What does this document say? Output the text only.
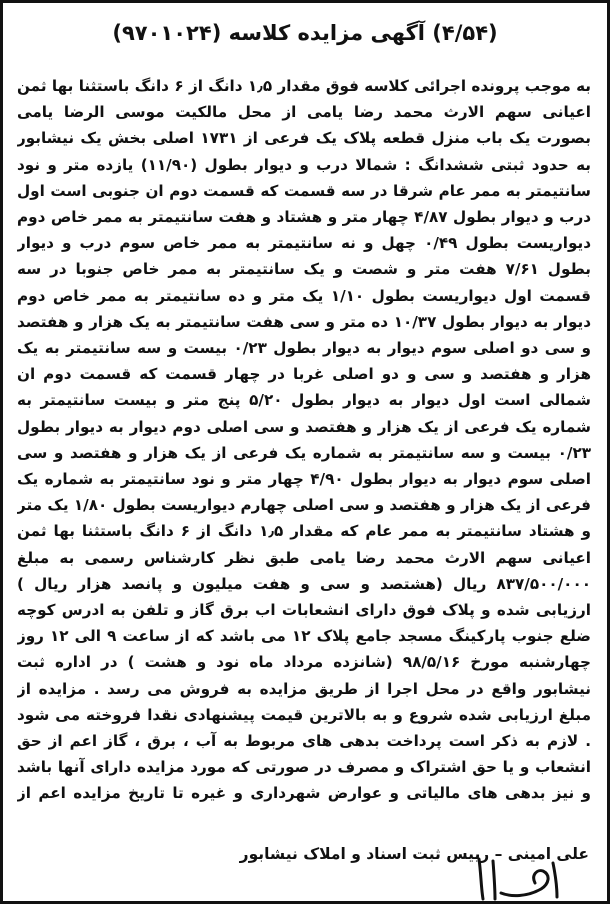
(۴/۵۴) آگهی مزایده کلاسه (۹۷۰۱۰۲۴)
به موجب پرونده اجرائی کلاسه فوق مقدار ۱٫۵ دانگ از ۶ دانگ باستثنا بها ثمن اعیانی سهم الارث محمد رضا یامی از محل مالکیت موسی الرضا یامی بصورت یک باب منزل قطعه پلاک یک فرعی از ۱۷۳۱ اصلی بخش یک نیشابور به حدود ثبتی ششدانگ : شمالا درب و دیوار بطول (۱۱/۹۰) یازده متر و نود سانتیمتر به ممر عام شرقا در سه قسمت که قسمت دوم ان جنوبی است اول درب و دیوار بطول ۴/۸۷ چهار متر و هشتاد و هفت سانتیمتر به ممر خاص دوم دیواریست بطول ۰/۴۹ چهل و نه سانتیمتر به ممر خاص سوم درب و دیوار بطول ۷/۶۱ هفت متر و شصت و یک سانتیمتر به ممر خاص جنوبا در سه قسمت اول دیواریست بطول ۱/۱۰ یک متر و ده سانتیمتر به ممر خاص دوم دیوار به دیوار بطول ۱۰/۳۷ ده متر و سی هفت سانتیمتر به یک هزار و هفتصد و سی دو اصلی سوم دیوار به دیوار بطول ۰/۲۳ بیست و سه سانتیمتر به یک هزار و هفتصد و سی و دو اصلی غربا در چهار قسمت که قسمت دوم ان شمالی است اول دیوار به دیوار بطول ۵/۲۰ پنج متر و بیست سانتیمتر به شماره یک فرعی از یک هزار و هفتصد و سی اصلی دوم دیوار به دیوار بطول ۰/۲۳ بیست و سه سانتیمتر به شماره یک فرعی از یک هزار و هفتصد و سی اصلی سوم دیوار به دیوار بطول ۴/۹۰ چهار متر و نود سانتیمتر به شماره یک فرعی از یک هزار و هفتصد و سی اصلی چهارم دیواریست بطول ۱/۸۰ یک متر و هشتاد سانتیمتر به ممر عام که مقدار ۱٫۵ دانگ از ۶ دانگ باستثنا بها ثمن اعیانی سهم الارث محمد رضا یامی طبق نظر کارشناس رسمی به مبلغ ۸۳۷/۵۰۰/۰۰۰ ریال (هشتصد و سی و هفت میلیون و پانصد هزار ریال ) ارزیابی شده و پلاک فوق دارای انشعابات اب برق گاز و تلفن به ادرس کوچه ضلع جنوب پارکینگ مسجد جامع پلاک ۱۲ می باشد که از ساعت ۹ الی ۱۲ روز چهارشنبه مورخ ۹۸/۵/۱۶ (شانزده مرداد ماه نود و هشت ) در اداره ثبت نیشابور واقع در محل اجرا از طریق مزایده به فروش می رسد . مزایده از مبلغ ارزیابی شده شروع و به بالاترین قیمت پیشنهادی نقدا فروخته می شود . لازم به ذکر است پرداخت بدهی های مربوط به آب ، برق ، گاز اعم از حق انشعاب و یا حق اشتراک و مصرف در صورتی که مورد مزایده دارای آنها باشد و نیز بدهی های مالیاتی و عوارض شهرداری و غیره تا تاریخ مزایده اعم از
علی امینی – رییس ثبت اسناد و املاک نیشابور
